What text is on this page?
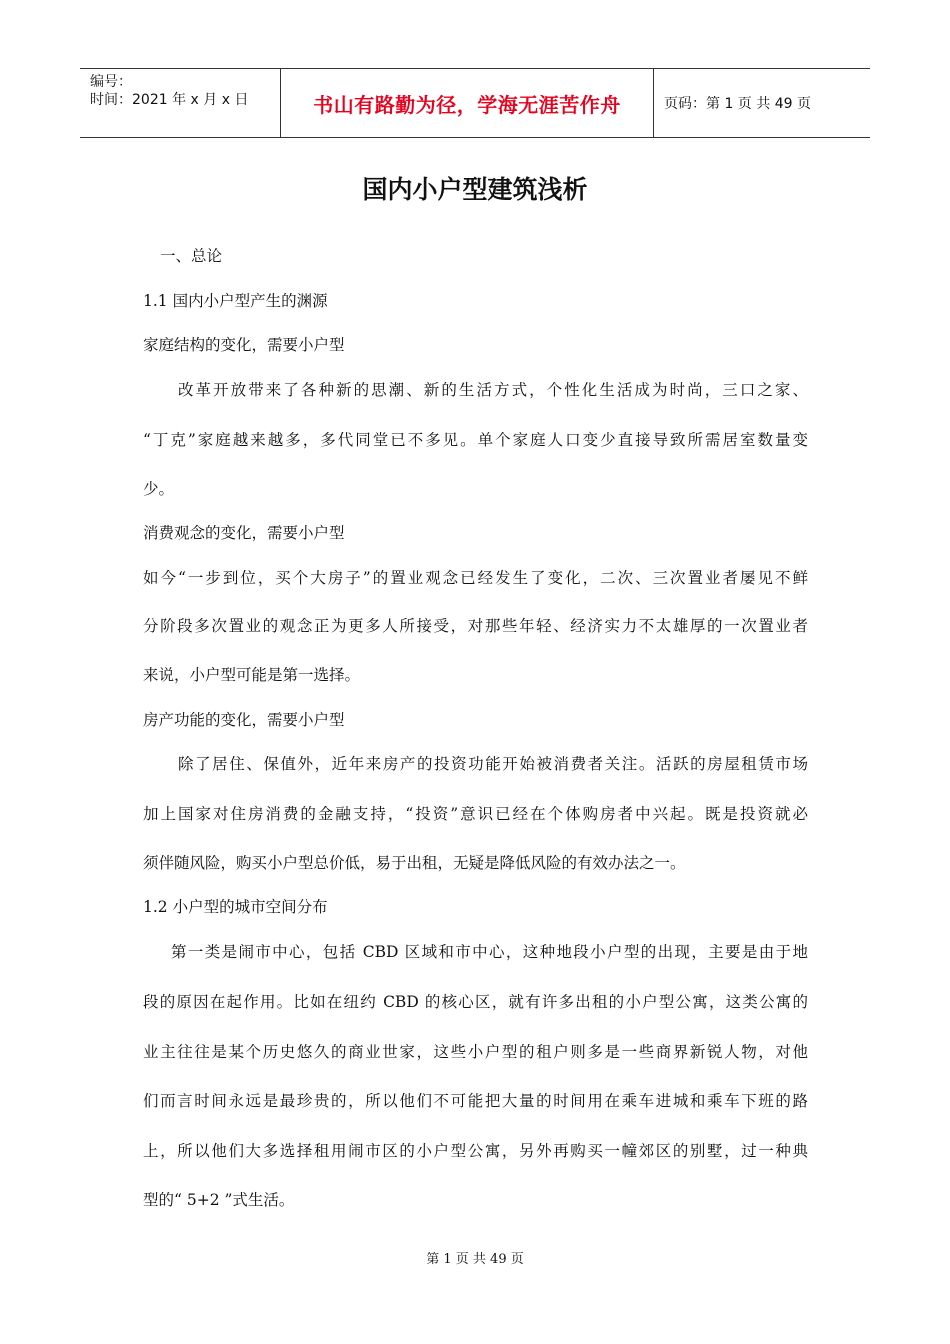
编号：
时间：2021 年 x 月 x 日	书山有路勤为径，学海无涯苦作舟	页码：第 1 页 共 49 页
国内小户型建筑浅析
一、总论
1.1 国内小户型产生的渊源
家庭结构的变化，需要小户型
改革开放带来了各种新的思潮、新的生活方式，个性化生活成为时尚，三口之家、
“丁克”家庭越来越多，多代同堂已不多见。单个家庭人口变少直接导致所需居室数量变
少。
消费观念的变化，需要小户型
如今“一步到位，买个大房子”的置业观念已经发生了变化，二次、三次置业者屡见不鲜
分阶段多次置业的观念正为更多人所接受，对那些年轻、经济实力不太雄厚的一次置业者
来说，小户型可能是第一选择。
房产功能的变化，需要小户型
除了居住、保值外，近年来房产的投资功能开始被消费者关注。活跃的房屋租赁市场
加上国家对住房消费的金融支持，“投资”意识已经在个体购房者中兴起。既是投资就必
须伴随风险，购买小户型总价低，易于出租，无疑是降低风险的有效办法之一。
1.2 小户型的城市空间分布
第一类是闹市中心，包括 CBD 区域和市中心，这种地段小户型的出现，主要是由于地
段的原因在起作用。比如在纽约 CBD 的核心区，就有许多出租的小户型公寓，这类公寓的
业主往往是某个历史悠久的商业世家，这些小户型的租户则多是一些商界新锐人物，对他
们而言时间永远是最珍贵的，所以他们不可能把大量的时间用在乘车进城和乘车下班的路
上，所以他们大多选择租用闹市区的小户型公寓，另外再购买一幢郊区的别墅，过一种典
型的“ 5+2 ”式生活。
第 1 页 共 49 页
